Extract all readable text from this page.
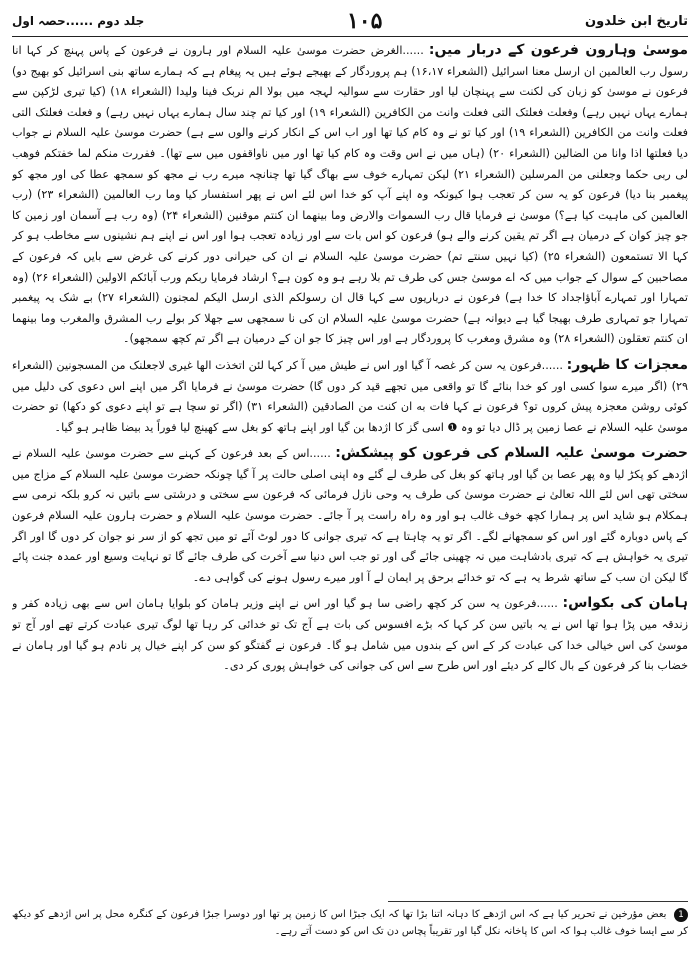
تاریخ ابن خلدون
۱۰۵
جلد دوم ......حصہ اول

موسیٰ وہارون فرعون کے دربار میں: ......الغرض حضرت موسیٰ علیہ السلام اور ہارون نے فرعون کے پاس پہنچ کر کہا انا رسول رب العالمین ان ارسل معنا اسرائیل (الشعراء ۱۶،۱۷) ہم پروردگار کے بھیجے ہوئے ہیں یہ پیغام ہے کہ ہمارے ساتھ بنی اسرائیل کو بھیج دو) فرعون نے موسیٰ کو زبان کی لکنت سے پہنچان لیا اور حقارت سے سوالیہ لہجہ میں بولا الم نربک فینا ولیدا (الشعراء ۱۸) (کیا تیری لڑکپن سے ہمارے یہاں نہیں رہے) وفعلت فعلتک التی فعلت وانت من الکافرین (الشعراء ۱۹) اور کیا تم چند سال ہمارے یہاں نہیں رہے) و فعلت فعلتک التی فعلت وانت من الکافرین (الشعراء ۱۹) اور کیا تو نے وہ کام کیا تھا اور اب اس کے انکار کرنے والوں سے ہے) حضرت موسیٰ علیہ السلام نے جواب دیا فعلتها اذا وانا من الضالین (الشعراء ۲۰) (ہاں میں نے اس وقت وہ کام کیا تھا اور میں ناواقفوں میں سے تھا)۔ ففررت منکم لما خفتکم فوھب لی ربی حکما وجعلنی من المرسلین (الشعراء ۲۱) لیکن تمہارے خوف سے بھاگ گیا تھا چنانچہ میرے رب نے مجھ کو سمجھ عطا کی اور مجھ کو پیغمبر بنا دیا) فرعون کو یہ سن کر تعجب ہوا کیونکہ وہ اپنے آپ کو خدا اس لئے اس نے پھر استفسار کیا وما رب العالمین (الشعراء ۲۳) (رب العالمین کی ماہیت کیا ہے؟) موسیٰ نے فرمایا قال رب السموات والارض وما بینهما ان کنتم موقنین (الشعراء ۲۴) (وہ رب ہے آسمان اور زمین کا جو چیز کوان کے درمیان ہے اگر تم یقین کرنے والے ہو) فرعون کو اس بات سے اور زیادہ تعجب ہوا اور اس نے اپنے ہم نشینوں سے مخاطب ہو کر کہا الا تستمعون (الشعراء ۲۵) (کیا نہیں سنتے تم) حضرت موسیٰ علیہ السلام نے ان کی حیرانی دور کرنے کی غرض سے بایں کہ فرعون کے مصاحبین کے سوال کے جواب میں کہ اے موسیٰ جس کی طرف تم بلا رہے ہو وہ کون ہے؟ ارشاد فرمایا ربکم ورب آبائکم الاولین (الشعراء ۲۶) (وہ تمہارا اور تمہارے آباؤاجداد کا خدا ہے) فرعون نے درباریوں سے کہا قال ان رسولکم الذی ارسل الیکم لمجنون (الشعراء ۲۷) بے شک یہ پیغمبر تمہارا جو تمہاری طرف بھیجا گیا ہے دیوانہ ہے) حضرت موسیٰ علیہ السلام ان کی نا سمجھی سے جھلا کر بولے رب المشرق والمغرب وما بینهما ان کنتم تعقلون (الشعراء ۲۸) وہ مشرق ومغرب کا پروردگار ہے اور اس چیز کا جو ان کے درمیان ہے اگر تم کچھ سمجھو)۔

معجزات کا ظہور: ......فرعون یہ سن کر غصہ آ گیا اور اس نے طیش میں آ کر کہا لئن اتخذت الها غیری لاجعلنک من المسجونین (الشعراء ۲۹) (اگر میرے سوا کسی اور کو خدا بنائے گا تو واقعی میں تجھے قید کر دوں گا) حضرت موسیٰ نے فرمایا اگر میں اپنے اس دعوی کی دلیل میں کوئی روشن معجزہ پیش کروں تو؟ فرعون نے کہا فات به ان کنت من الصادقین (الشعراء ۳۱) (اگر تو سچا ہے تو اپنے دعوی کو دکھا) تو حضرت موسیٰ علیہ السلام نے عصا زمین پر ڈال دیا تو وہ ❶ اسی گز کا اژدھا بن گیا اور اپنے ہاتھ کو بغل سے کھینچ لیا فوراً ید بیضا ظاہر ہو گیا۔

حضرت موسیٰ علیہ السلام کی فرعون کو پیشکش: ......اس کے بعد فرعون کے کہنے سے حضرت موسیٰ علیہ السلام نے اژدھے کو پکڑ لیا وہ پھر عصا بن گیا اور ہاتھ کو بغل کی طرف لے گئے وہ اپنی اصلی حالت پر آ گیا چونکہ حضرت موسیٰ علیہ السلام کے مزاج میں سختی تھی اس لئے اللہ تعالیٰ نے حضرت موسیٰ کی طرف یہ وحی نازل فرمائی کہ فرعون سے سختی و درشتی سے باتیں نہ کرو بلکہ نرمی سے ہمکلام ہو شاید اس پر ہمارا کچھ خوف غالب ہو اور وہ راہ راست پر آ جائے۔ حضرت موسیٰ علیہ السلام و حضرت ہارون علیہ السلام فرعون کے پاس دوبارہ گئے اور اس کو سمجھانے لگے۔ اگر تو یہ چاہتا ہے کہ تیری جوانی کا دور لوٹ آئے تو میں تجھ کو از سر نو جوان کر دوں گا اور اگر تیری یہ خواہش ہے کہ تیری بادشاہت میں نہ چھینی جائے گی اور تو جب اس دنیا سے آخرت کی طرف جائے گا تو نہایت وسیع اور عمدہ جنت پائے گا لیکن ان سب کے ساتھ شرط یہ ہے کہ تو خدائے برحق پر ایمان لے آ اور میرے رسول ہونے کی گواہی دے۔

ہامان کی بکواس: ......فرعون یہ سن کر کچھ راضی سا ہو گیا اور اس نے اپنے وزیر ہامان کو بلوایا ہامان اس سے بھی زیادہ کفر و زندقہ میں پڑا ہوا تھا اس نے یہ باتیں سن کر کہا کہ بڑے افسوس کی بات ہے آج تک تو خدائی کر رہا تھا لوگ تیری عبادت کرتے تھے اور آج تو موسیٰ کی اس خیالی خدا کی عبادت کر کے اس کے بندوں میں شامل ہو گا۔ فرعون نے گفتگو کو سن کر اپنے خیال پر نادم ہو گیا اور ہامان نے خضاب بنا کر فرعون کے بال کالے کر دیئے اور اس طرح سے اس کی جوانی کی خواہش پوری کر دی۔

1 بعض مؤرخین نے تحریر کیا ہے کہ اس اژدھے کا دہانہ اتنا بڑا تھا کہ ایک جبڑا اس کا زمین پر تھا اور دوسرا جبڑا فرعون کے کنگرہ محل پر اس اژدھے کو دیکھ کر سے ایسا خوف غالب ہوا کہ اس کا پاخانہ نکل گیا اور تقریباً پچاس دن تک اس کو دست آتے رہے۔
